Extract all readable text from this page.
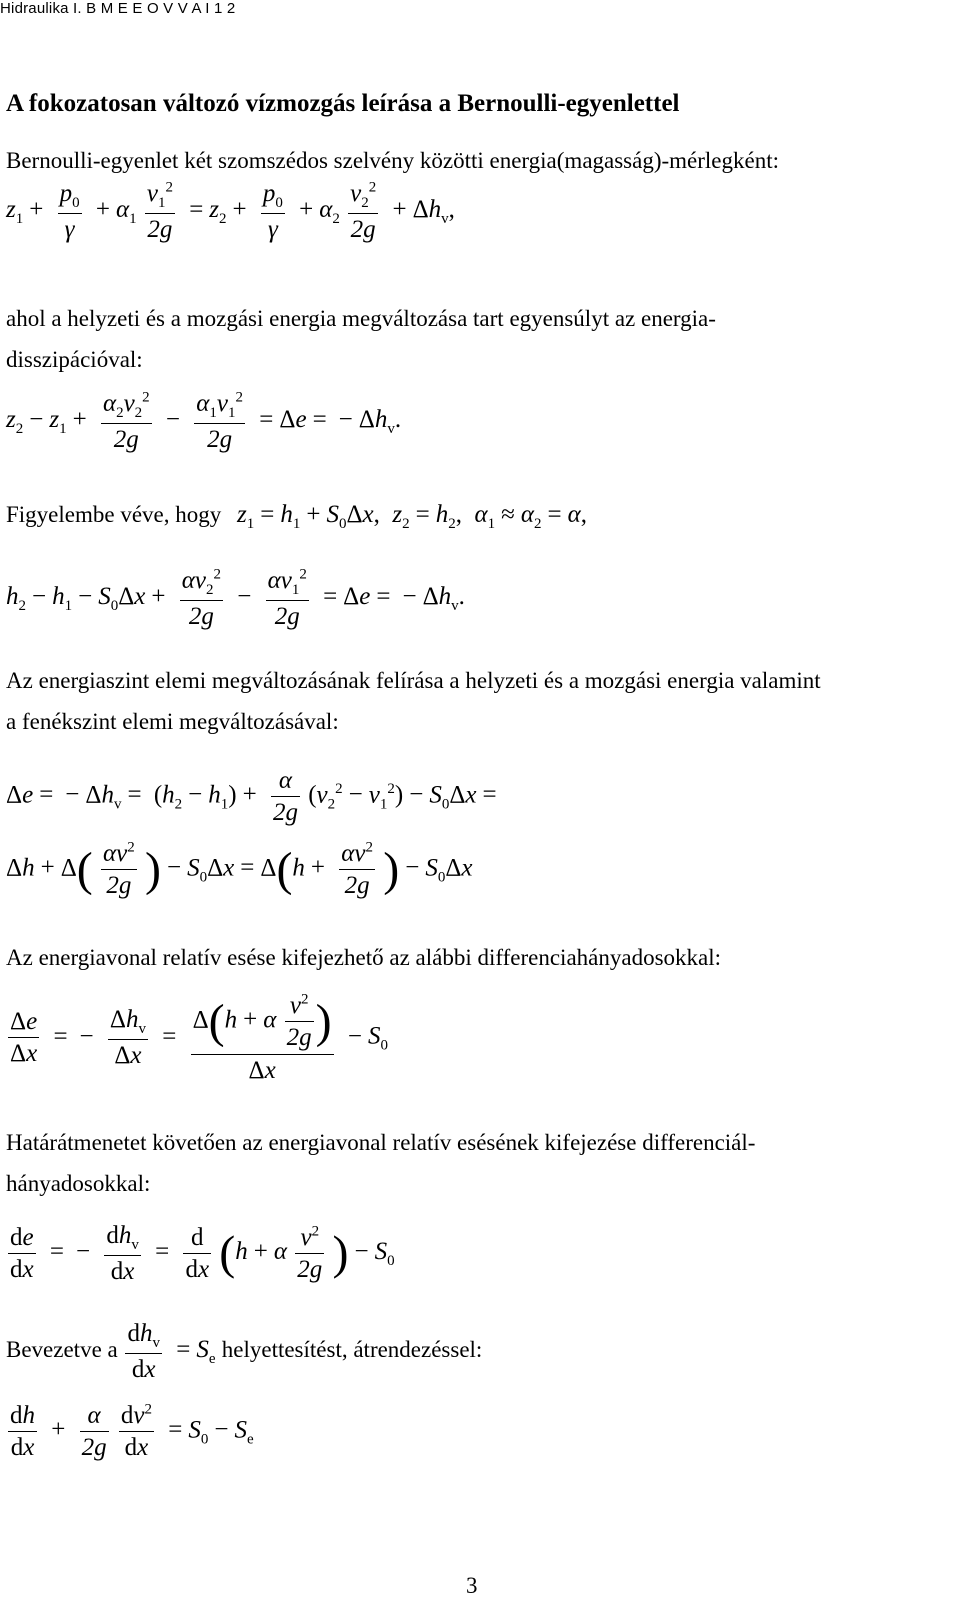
Hidraulika I. B M E E O V V A I 1 2
A fokozatosan változó vízmozgás leírása a Bernoulli-egyenlettel
Bernoulli-egyenlet két szomszédos szelvény közötti energia(magasság)-mérlegként:
$z_1 + \frac{p_0}{\gamma} + \alpha_1 \frac{v_1^2}{2g} = z_2 + \frac{p_0}{\gamma} + \alpha_2 \frac{v_2^2}{2g} + \Delta h_v$,
ahol a helyzeti és a mozgási energia megváltozása tart egyensúlyt az energia-
disszipációval:
$z_2 - z_1 + \frac{\alpha_2v_2^2}{2g} - \frac{\alpha_1v_1^2}{2g} = \Delta e$ = − $\Delta h_v$.
Figyelembe véve, hogy $z_1 = h_1 + S_0\Delta x$,  $z_2 = h_2$,  $\alpha_1 \approx \alpha_2 = \alpha$,
$h_2 - h_1 - S_0\Delta x + \frac{\alpha v_2^2}{2g} - \frac{\alpha v_1^2}{2g} = \Delta e$ = − $\Delta h_v$.
Az energiaszint elemi megváltozásának felírása a helyzeti és a mozgási energia valamint
a fenékszint elemi megváltozásával:
Δe = − $\Delta h_v = (h_2 - h_1) + \frac{\alpha}{2g} (v_2^2 - v_1^2) - S_0\Delta x$ =
$\Delta h + \Delta( \frac{\alpha v^2}{2g}$ ) − $S_0\Delta x = \Delta(h + \frac{\alpha v^2}{2g}$ ) − $S_0\Delta x$
Az energiavonal relatív esése kifejezhető az alábbi differenciahányadosokkal:
$\frac{\Delta e}{\Delta x}$ = − $\frac{\Delta h_v}{\Delta x} = \frac{\Delta(h + \alpha \frac{v^2}{2g} )}{\Delta x} - S_0$
Határátmenetet követően az energiavonal relatív esésének kifejezése differenciál-
hányadosokkal:
$\frac{de}{dx}$ = − $\frac{dh_v}{dx} = \frac{d}{dx} (h + \alpha \frac{v^2}{2g}$ ) − $S_0$
Bevezetve a $\frac{dh_v}{dx} = S_e$ helyettesítést, átrendezéssel:
$\frac{dh}{dx} + \frac{\alpha}{2g}$
$\frac{dv^2}{dx} = S_0 - S_e$
3
